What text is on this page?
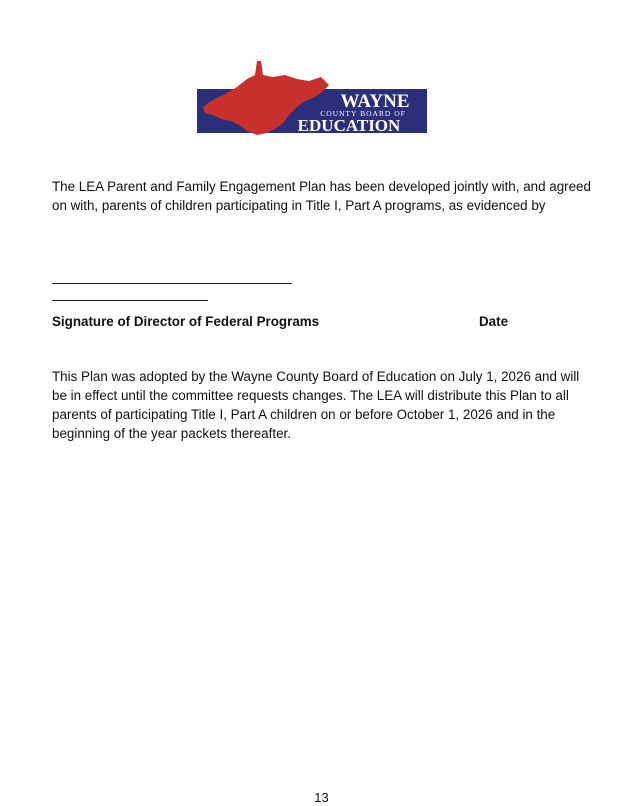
WAYNE
COUNTY BOARD OF
EDUCATION

The LEA Parent and Family Engagement Plan has been developed jointly with, and agreed on with, parents of children participating in Title I, Part A programs, as evidenced by

Signature of Director of Federal Programs	Date

This Plan was adopted by the Wayne County Board of Education on July 1, 2026 and will be in effect until the committee requests changes. The LEA will distribute this Plan to all parents of participating Title I, Part A children on or before October 1, 2026 and in the beginning of the year packets thereafter.

13
